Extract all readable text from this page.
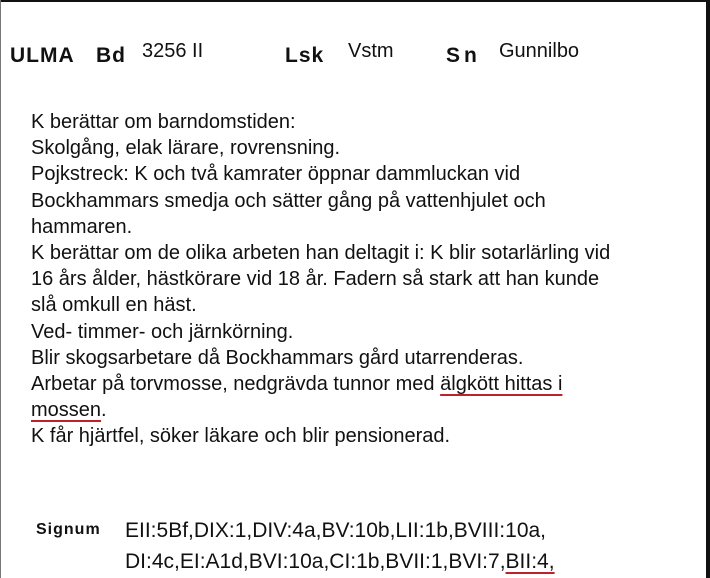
ULMA Bd 3256 II	Lsk Vstm Sn Gunnilbo
K berättar om barndomstiden:
Skolgång, elak lärare, rovrensning.
Pojkstreck: K och två kamrater öppnar dammluckan vid
Bockhammars smedja och sätter gång på vattenhjulet och
hammaren.
K berättar om de olika arbeten han deltagit i: K blir sotarlärling vid
16 års ålder, hästkörare vid 18 år. Fadern så stark att han kunde
slå omkull en häst.
Ved- timmer- och järnkörning.
Blir skogsarbetare då Bockhammars gård utarrenderas.
Arbetar på torvmosse, nedgrävda tunnor med älgkött hittas i
mossen.
K får hjärtfel, söker läkare och blir pensionerad.
Signum EII:5Bf,DIX:1,DIV:4a,BV:10b,LII:1b,BVIII:10a,
DI:4c,EI:A1d,BVI:10a,CI:1b,BVII:1,BVI:7,BII:4,
